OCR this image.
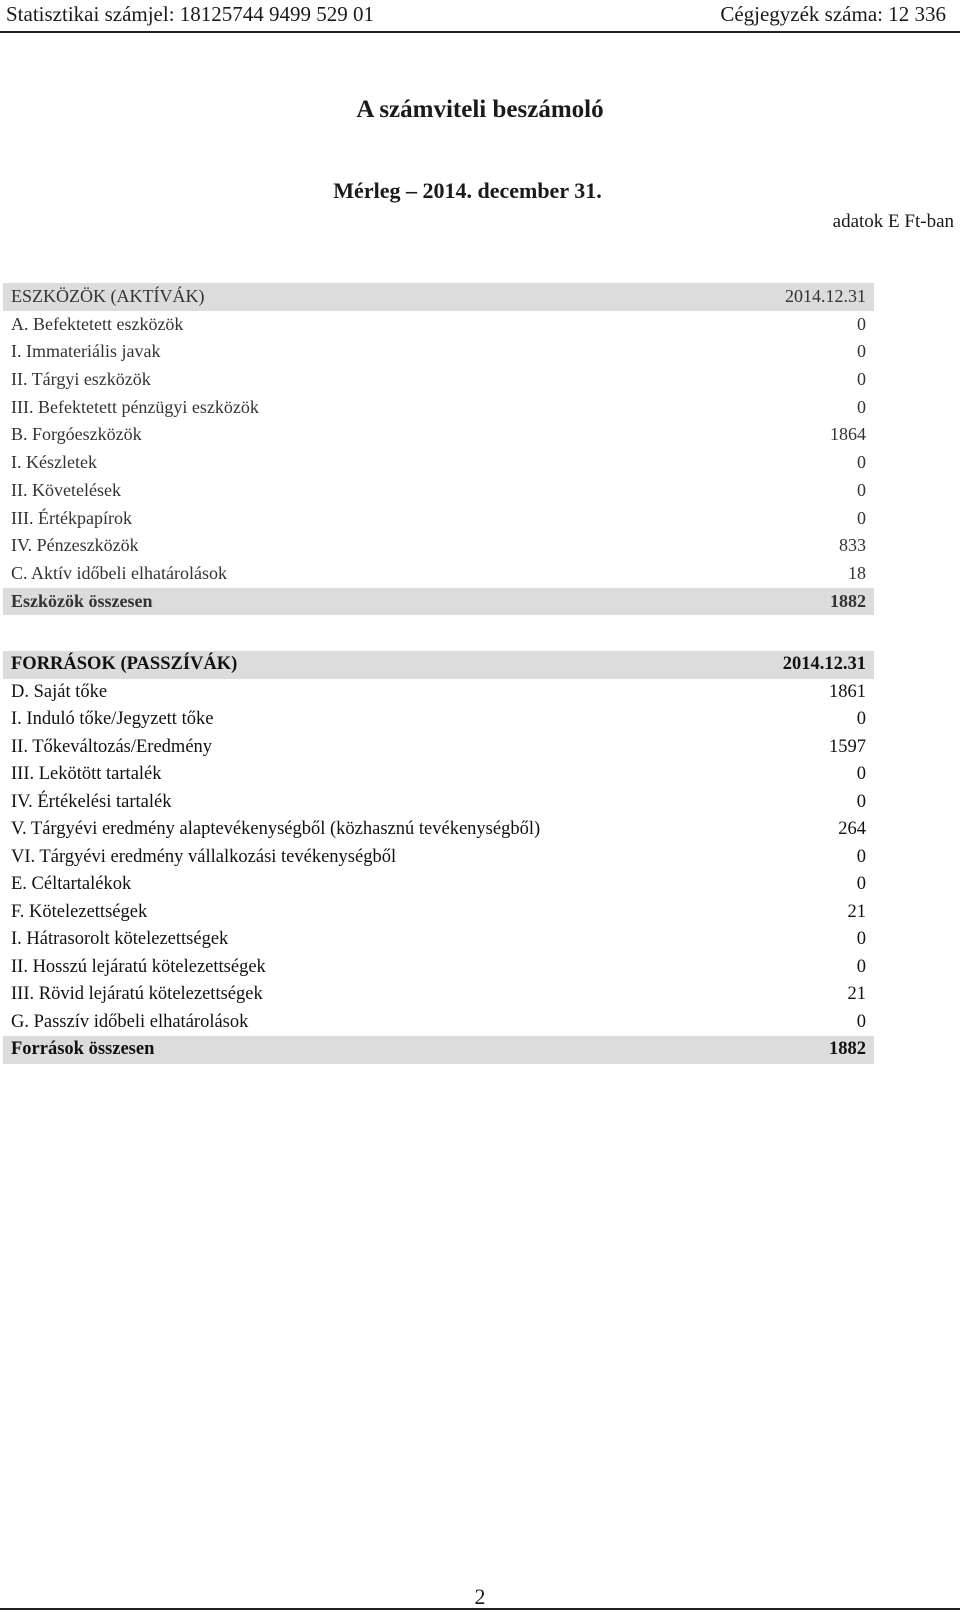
Statisztikai számjel: 18125744 9499 529 01	Cégjegyzék száma: 12 336
A számviteli beszámoló
Mérleg – 2014. december 31.
adatok E Ft-ban
ESZKÖZÖK (AKTÍVÁK)	2014.12.31
A. Befektetett eszközök	0
I. Immateriális javak	0
II. Tárgyi eszközök	0
III. Befektetett pénzügyi eszközök	0
B. Forgóeszközök	1864
I. Készletek	0
II. Követelések	0
III. Értékpapírok	0
IV. Pénzeszközök	833
C. Aktív időbeli elhatárolások	18
Eszközök összesen	1882
FORRÁSOK (PASSZÍVÁK)	2014.12.31
D. Saját tőke	1861
I. Induló tőke/Jegyzett tőke	0
II. Tőkeváltozás/Eredmény	1597
III. Lekötött tartalék	0
IV. Értékelési tartalék	0
V. Tárgyévi eredmény alaptevékenységből (közhasznú tevékenységből)	264
VI. Tárgyévi eredmény vállalkozási tevékenységből	0
E. Céltartalékok	0
F. Kötelezettségek	21
I. Hátrasorolt kötelezettségek	0
II. Hosszú lejáratú kötelezettségek	0
III. Rövid lejáratú kötelezettségek	21
G. Passzív időbeli elhatárolások	0
Források összesen	1882
2
